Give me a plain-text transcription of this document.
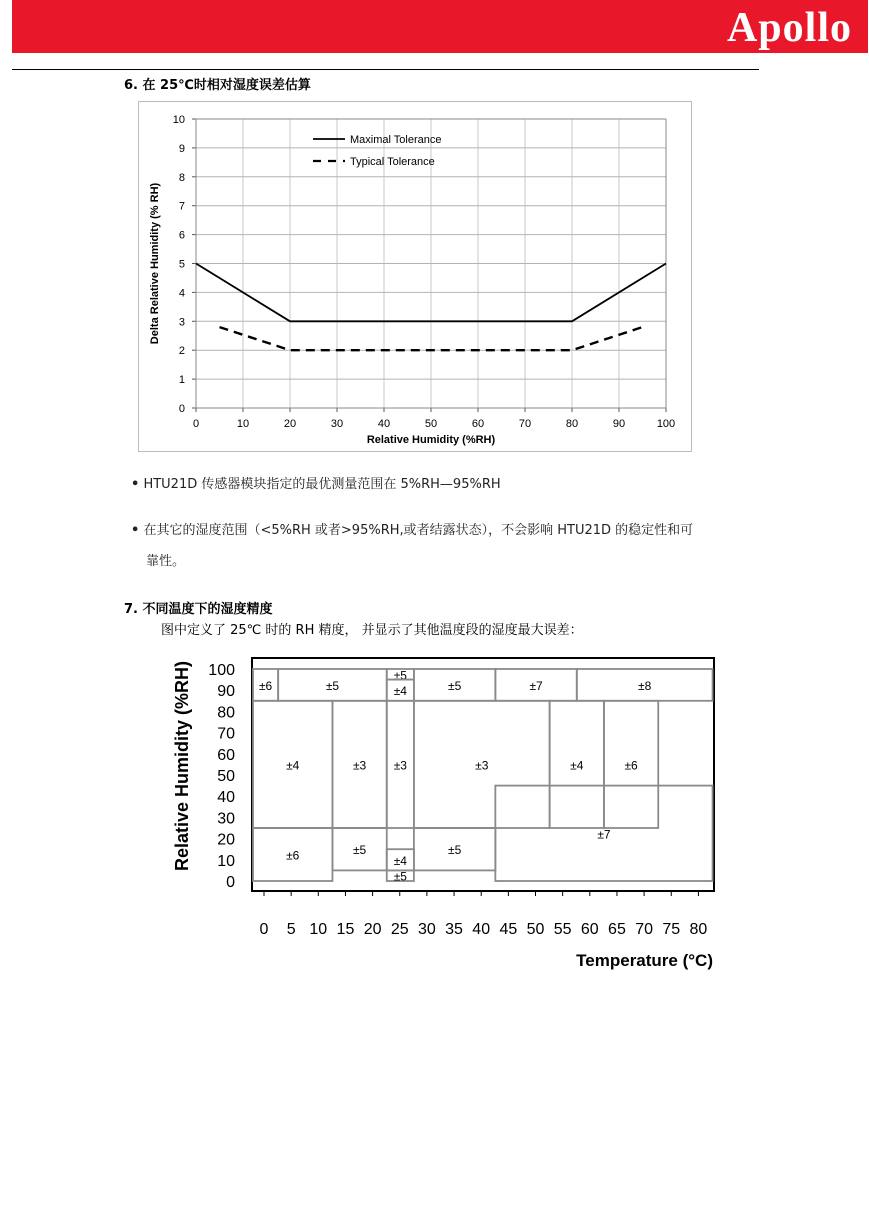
Apollo
6. 在 25℃时相对湿度误差估算
0	10	20	30	40	50	60	70	80	90	100
0
1
2
3
4
5
6
7
8
9
10
Maximal Tolerance
Typical Tolerance
Relative Humidity (%RH)
Delta Relative Humidity (% RH)
• HTU21D 传感器模块指定的最优测量范围在 5%RH—95%RH
• 在其它的湿度范围（<5%RH 或者>95%RH,或者结露状态），不会影响 HTU21D 的稳定性和可
靠性。
7. 不同温度下的湿度精度
图中定义了 25℃ 时的 RH 精度， 并显示了其他温度段的湿度最大误差：
±6	±5
±5
±4	±5	±7	±8
±4	±3 ±3	±3	±4	±6
±6	±5
±4
±5
±5
±7
0
10
20
30
40
50
60
70
80
90
100
0 5 10 15 20 25 30 35 40 45 50 55 60 65 70 75 80
Temperature (°C)
Relative Humidity (%RH)
